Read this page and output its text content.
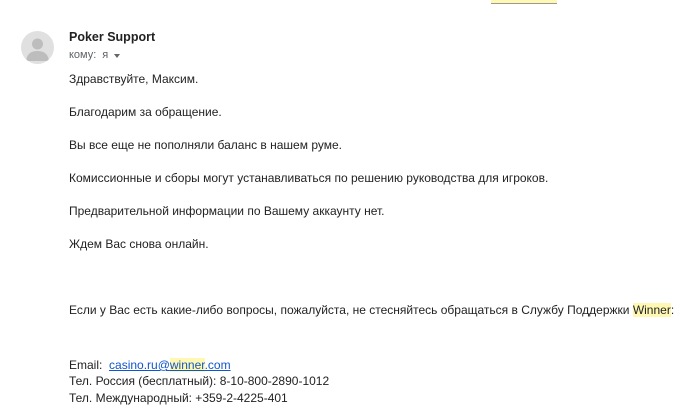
Poker Support
кому: я
Здравствуйте, Максим.
Благодарим за обращение.
Вы все еще не пополняли баланс в нашем руме.
Комиссионные и сборы могут устанавливаться по решению руководства для игроков.
Предварительной информации по Вашему аккаунту нет.
Ждем Вас снова онлайн.
Если у Вас есть какие-либо вопросы, пожалуйста, не стесняйтесь обращаться в Службу Поддержки Winner:
Email: casino.ru@winner.com
Тел. Россия (бесплатный): 8-10-800-2890-1012
Тел. Международный: +359-2-4225-401
